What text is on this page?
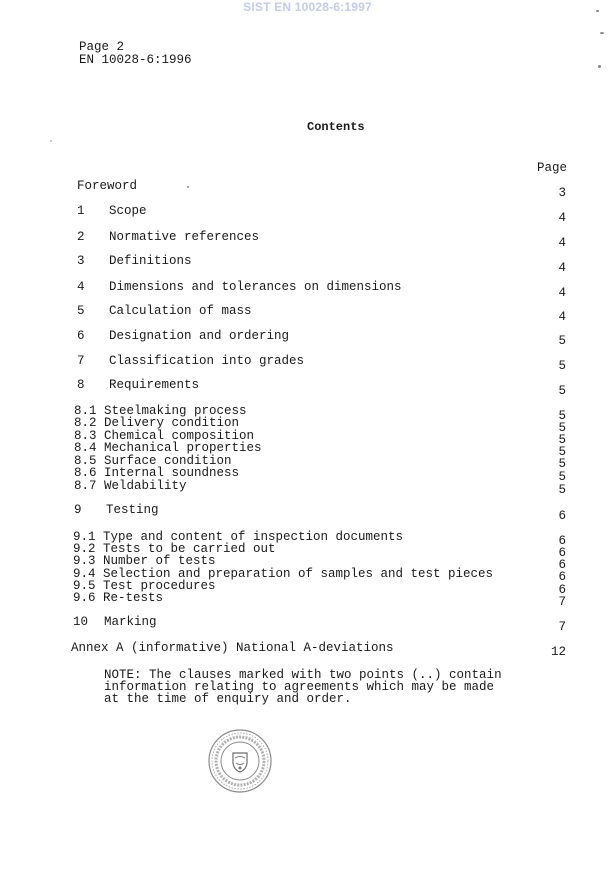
SIST EN 10028-6:1997
Page 2
EN 10028-6:1996
Contents
Page
Foreword	3
1 Scope	4
2 Normative references	4
3 Definitions	4
4 Dimensions and tolerances on dimensions	4
5 Calculation of mass	4
6 Designation and ordering	5
7 Classification into grades	5
8 Requirements	5
8.1 Steelmaking process	5
8.2 Delivery condition	5
8.3 Chemical composition	5
8.4 Mechanical properties	5
8.5 Surface condition	5
8.6 Internal soundness	5
8.7 Weldability	5
9 Testing	6
9.1 Type and content of inspection documents	6
9.2 Tests to be carried out	6
9.3 Number of tests	6
9.4 Selection and preparation of samples and test pieces	6
9.5 Test procedures	6
9.6 Re-tests	7
10 Marking	7
Annex A (informative) National A-deviations	12
NOTE: The clauses marked with two points (..) contain
information relating to agreements which may be made
at the time of enquiry and order.
